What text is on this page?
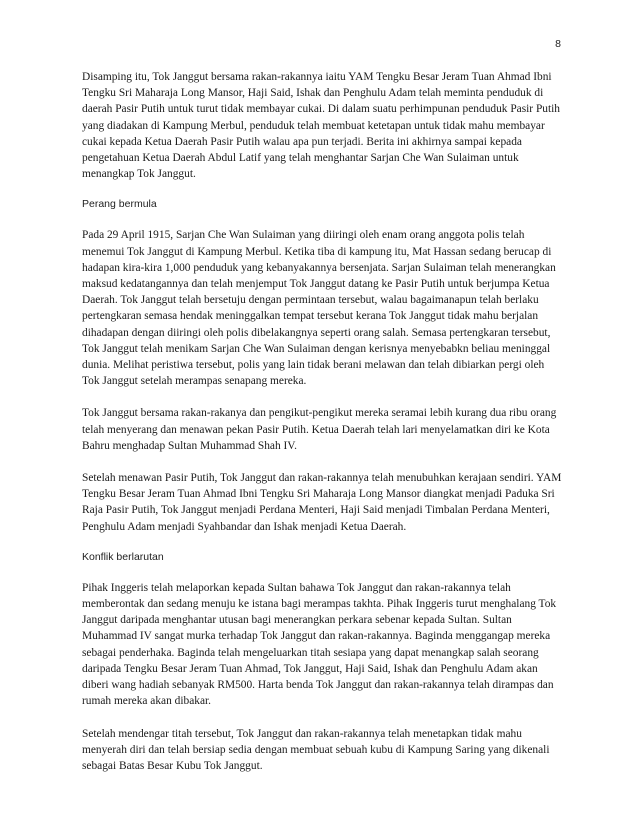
8

Disamping itu, Tok Janggut bersama rakan-rakannya iaitu YAM Tengku Besar Jeram Tuan Ahmad Ibni Tengku Sri Maharaja Long Mansor, Haji Said, Ishak dan Penghulu Adam telah meminta penduduk di daerah Pasir Putih untuk turut tidak membayar cukai. Di dalam suatu perhimpunan penduduk Pasir Putih yang diadakan di Kampung Merbul, penduduk telah membuat ketetapan untuk tidak mahu membayar cukai kepada Ketua Daerah Pasir Putih walau apa pun terjadi. Berita ini akhirnya sampai kepada pengetahuan Ketua Daerah Abdul Latif yang telah menghantar Sarjan Che Wan Sulaiman untuk menangkap Tok Janggut.

Perang bermula

Pada 29 April 1915, Sarjan Che Wan Sulaiman yang diiringi oleh enam orang anggota polis telah menemui Tok Janggut di Kampung Merbul. Ketika tiba di kampung itu, Mat Hassan sedang berucap di hadapan kira-kira 1,000 penduduk yang kebanyakannya bersenjata. Sarjan Sulaiman telah menerangkan maksud kedatangannya dan telah menjemput Tok Janggut datang ke Pasir Putih untuk berjumpa Ketua Daerah. Tok Janggut telah bersetuju dengan permintaan tersebut, walau bagaimanapun telah berlaku pertengkaran semasa hendak meninggalkan tempat tersebut kerana Tok Janggut tidak mahu berjalan dihadapan dengan diiringi oleh polis dibelakangnya seperti orang salah. Semasa pertengkaran tersebut, Tok Janggut telah menikam Sarjan Che Wan Sulaiman dengan kerisnya menyebabkn beliau meninggal dunia. Melihat peristiwa tersebut, polis yang lain tidak berani melawan dan telah dibiarkan pergi oleh Tok Janggut setelah merampas senapang mereka.

Tok Janggut bersama rakan-rakanya dan pengikut-pengikut mereka seramai lebih kurang dua ribu orang telah menyerang dan menawan pekan Pasir Putih. Ketua Daerah telah lari menyelamatkan diri ke Kota Bahru menghadap Sultan Muhammad Shah IV.

Setelah menawan Pasir Putih, Tok Janggut dan rakan-rakannya telah menubuhkan kerajaan sendiri. YAM Tengku Besar Jeram Tuan Ahmad Ibni Tengku Sri Maharaja Long Mansor diangkat menjadi Paduka Sri Raja Pasir Putih, Tok Janggut menjadi Perdana Menteri, Haji Said menjadi Timbalan Perdana Menteri, Penghulu Adam menjadi Syahbandar dan Ishak menjadi Ketua Daerah.

Konflik berlarutan

Pihak Inggeris telah melaporkan kepada Sultan bahawa Tok Janggut dan rakan-rakannya telah memberontak dan sedang menuju ke istana bagi merampas takhta. Pihak Inggeris turut menghalang Tok Janggut daripada menghantar utusan bagi menerangkan perkara sebenar kepada Sultan. Sultan Muhammad IV sangat murka terhadap Tok Janggut dan rakan-rakannya. Baginda menggangap mereka sebagai penderhaka. Baginda telah mengeluarkan titah sesiapa yang dapat menangkap salah seorang daripada Tengku Besar Jeram Tuan Ahmad, Tok Janggut, Haji Said, Ishak dan Penghulu Adam akan diberi wang hadiah sebanyak RM500. Harta benda Tok Janggut dan rakan-rakannya telah dirampas dan rumah mereka akan dibakar.

Setelah mendengar titah tersebut, Tok Janggut dan rakan-rakannya telah menetapkan tidak mahu menyerah diri dan telah bersiap sedia dengan membuat sebuah kubu di Kampung Saring yang dikenali sebagai Batas Besar Kubu Tok Janggut.
